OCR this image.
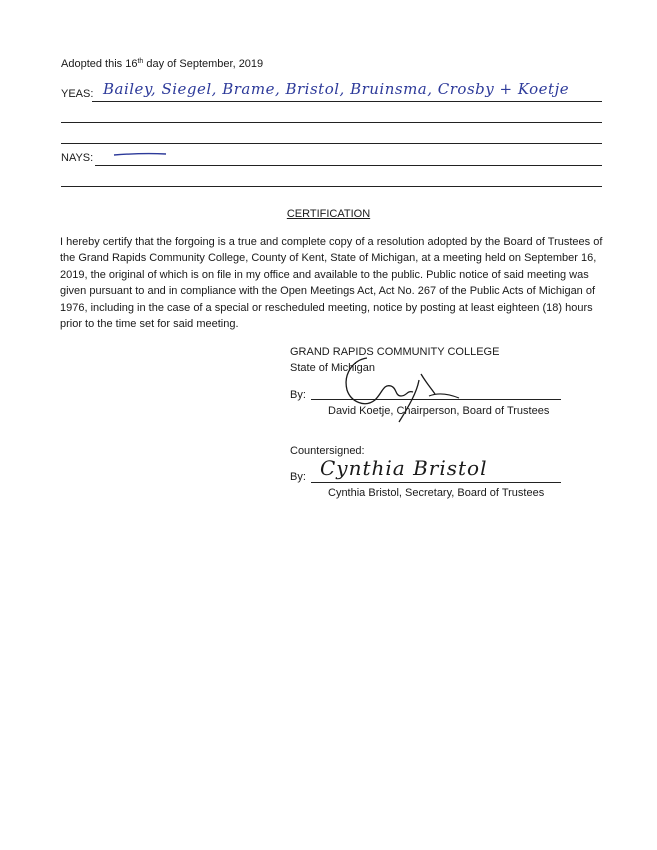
Adopted this 16th day of September, 2019
YEAS: Bailey, Siegel, Brame, Bristol, Bruinsma, Crosby + Koetje
NAYS:
CERTIFICATION
I hereby certify that the forgoing is a true and complete copy of a resolution adopted by the Board of Trustees of the Grand Rapids Community College, County of Kent, State of Michigan, at a meeting held on September 16, 2019, the original of which is on file in my office and available to the public. Public notice of said meeting was given pursuant to and in compliance with the Open Meetings Act, Act No. 267 of the Public Acts of Michigan of 1976, including in the case of a special or rescheduled meeting, notice by posting at least eighteen (18) hours prior to the time set for said meeting.
GRAND RAPIDS COMMUNITY COLLEGE
State of Michigan
By:
David Koetje, Chairperson, Board of Trustees
Countersigned:
By: Cynthia Bristol
Cynthia Bristol, Secretary, Board of Trustees
